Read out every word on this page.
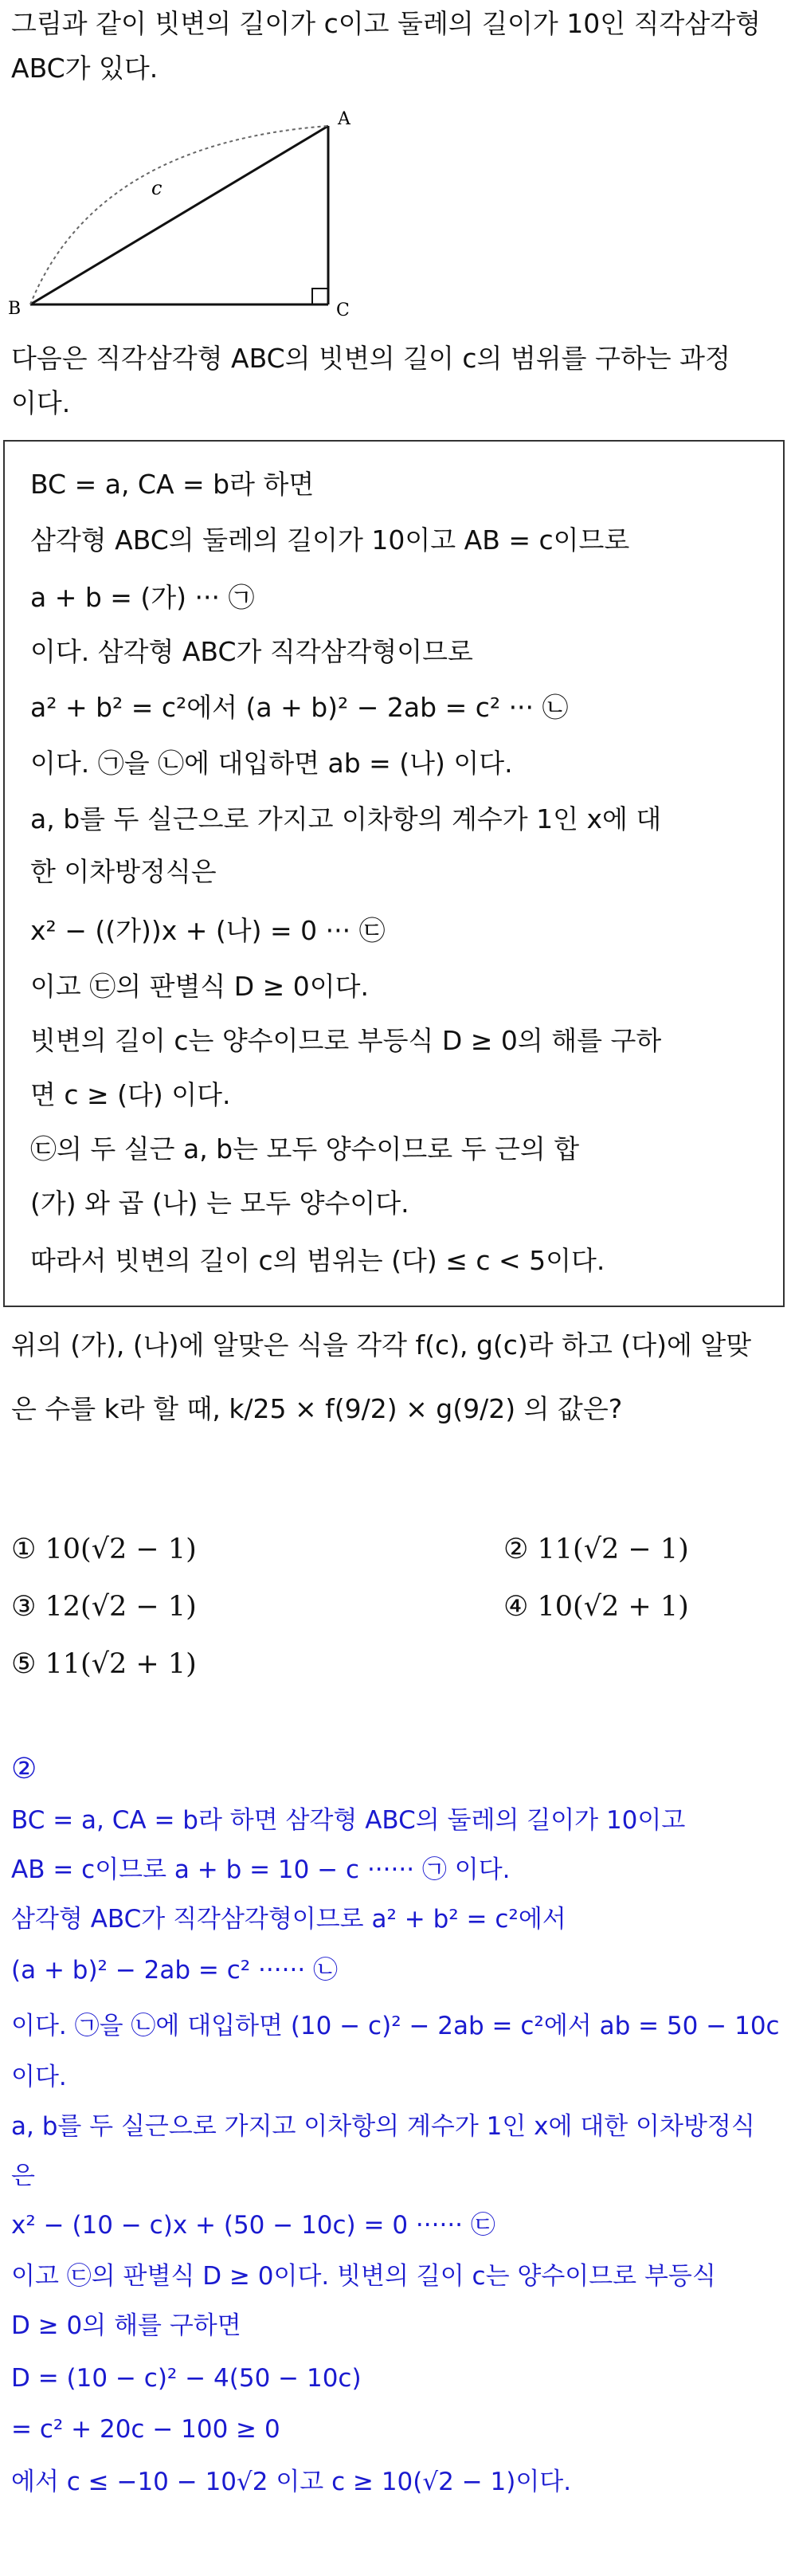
그림과 같이 빗변의 길이가 c이고 둘레의 길이가 10인 직각삼각형
ABC가 있다.
A
B	C
c
다음은 직각삼각형 ABC의 빗변의 길이 c의 범위를 구하는 과정
이다.
BC = a, CA = b라 하면
삼각형 ABC의 둘레의 길이가 10이고 AB = c이므로
a + b = (가) ··· ㉠
이다. 삼각형 ABC가 직각삼각형이므로
a² + b² = c²에서 (a + b)² − 2ab = c² ··· ㉡
이다. ㉠을 ㉡에 대입하면 ab = (나) 이다.
a, b를 두 실근으로 가지고 이차항의 계수가 1인 x에 대
한 이차방정식은
x² − ((가))x + (나) = 0 ··· ㉢
이고 ㉢의 판별식 D ≥ 0이다.
빗변의 길이 c는 양수이므로 부등식 D ≥ 0의 해를 구하
면 c ≥ (다) 이다.
㉢의 두 실근 a, b는 모두 양수이므로 두 근의 합
(가) 와 곱 (나) 는 모두 양수이다.
따라서 빗변의 길이 c의 범위는 (다) ≤ c < 5이다.
위의 (가), (나)에 알맞은 식을 각각 f(c), g(c)라 하고 (다)에 알맞
은 수를 k라 할 때, k/25 × f(9/2) × g(9/2) 의 값은?
① 10(√2 − 1)	② 11(√2 − 1)
③ 12(√2 − 1)	④ 10(√2 + 1)
⑤ 11(√2 + 1)
②
BC = a, CA = b라 하면 삼각형 ABC의 둘레의 길이가 10이고
AB = c이므로 a + b = 10 − c ······ ㉠ 이다.
삼각형 ABC가 직각삼각형이므로 a² + b² = c²에서
(a + b)² − 2ab = c² ······ ㉡
이다. ㉠을 ㉡에 대입하면 (10 − c)² − 2ab = c²에서 ab = 50 − 10c
이다.
a, b를 두 실근으로 가지고 이차항의 계수가 1인 x에 대한 이차방정식
은
x² − (10 − c)x + (50 − 10c) = 0 ······ ㉢
이고 ㉢의 판별식 D ≥ 0이다. 빗변의 길이 c는 양수이므로 부등식
D ≥ 0의 해를 구하면
D = (10 − c)² − 4(50 − 10c)
= c² + 20c − 100 ≥ 0
에서 c ≤ −10 − 10√2 이고 c ≥ 10(√2 − 1)이다.
